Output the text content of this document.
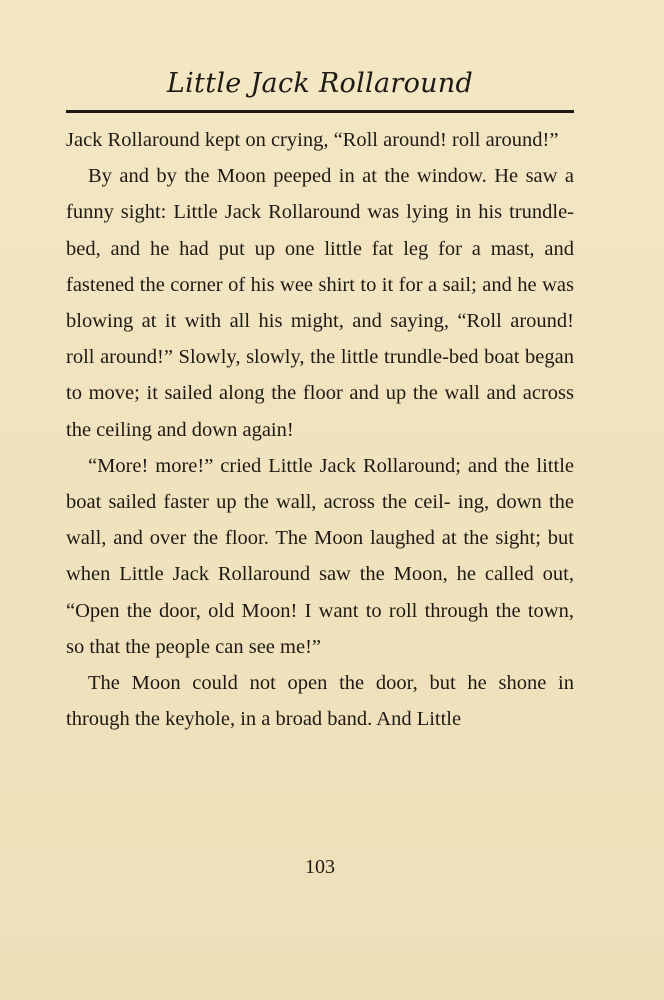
Little Jack Rollaround

Jack Rollaround kept on crying, “Roll around! roll around!”

By and by the Moon peeped in at the window. He saw a funny sight: Little Jack Rollaround was lying in his trundle-bed, and he had put up one little fat leg for a mast, and fastened the corner of his wee shirt to it for a sail; and he was blowing at it with all his might, and saying, “Roll around! roll around!” Slowly, slowly, the little trundle-bed boat began to move; it sailed along the floor and up the wall and across the ceiling and down again!

“More! more!” cried Little Jack Rollaround; and the little boat sailed faster up the wall, across the ceil- ing, down the wall, and over the floor. The Moon laughed at the sight; but when Little Jack Rollaround saw the Moon, he called out, “Open the door, old Moon! I want to roll through the town, so that the people can see me!”

The Moon could not open the door, but he shone in through the keyhole, in a broad band. And Little

103
